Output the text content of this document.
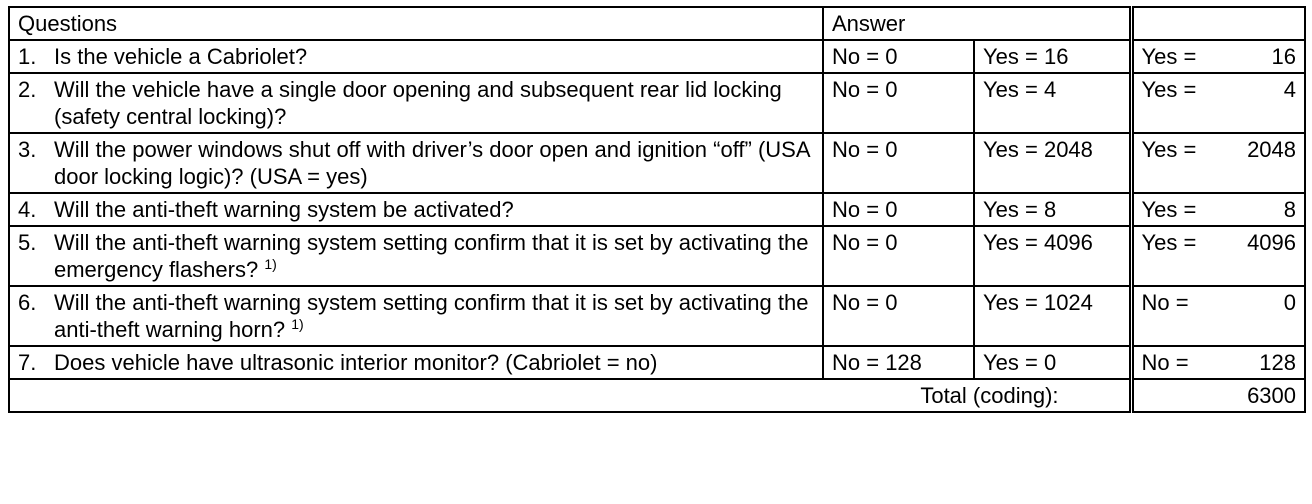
Questions	Answer		

1. Is the vehicle a Cabriolet?	No = 0	Yes = 16	Yes = 16

2. Will the vehicle have a single door opening and subsequent rear lid locking (safety central locking)?	No = 0	Yes = 4	Yes = 4

3. Will the power windows shut off with driver’s door open and ignition “off” (USA door locking logic)? (USA = yes)	No = 0	Yes = 2048	Yes = 2048

4. Will the anti-theft warning system be activated?	No = 0	Yes = 8	Yes = 8

5. Will the anti-theft warning system setting confirm that it is set by activating the emergency flashers? $^{1)}$	No = 0	Yes = 4096	Yes = 4096

6. Will the anti-theft warning system setting confirm that it is set by activating the anti-theft warning horn? $^{1)}$	No = 0	Yes = 1024	No = 0

7. Does vehicle have ultrasonic interior monitor? (Cabriolet = no)	No = 128	Yes = 0	No = 128

Total (coding):			6300
